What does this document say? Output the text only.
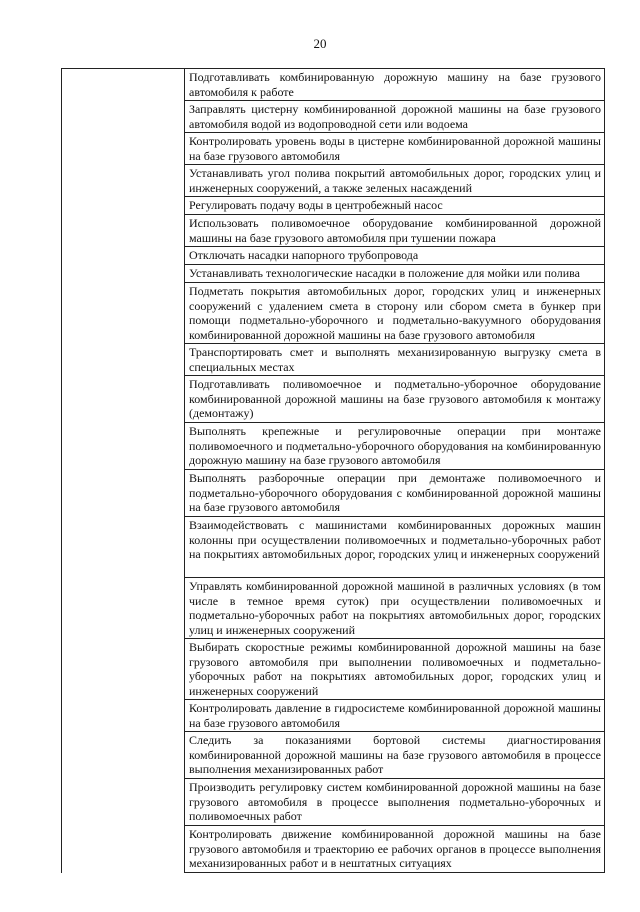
20
Подготавливать комбинированную дорожную машину на базе грузового автомобиля к работе
Заправлять цистерну комбинированной дорожной машины на базе грузового автомобиля водой из водопроводной сети или водоема
Контролировать уровень воды в цистерне комбинированной дорожной машины на базе грузового автомобиля
Устанавливать угол полива покрытий автомобильных дорог, городских улиц и инженерных сооружений, а также зеленых насаждений
Регулировать подачу воды в центробежный насос
Использовать поливомоечное оборудование комбинированной дорожной машины на базе грузового автомобиля при тушении пожара
Отключать насадки напорного трубопровода
Устанавливать технологические насадки в положение для мойки или полива
Подметать покрытия автомобильных дорог, городских улиц и инженерных сооружений с удалением смета в сторону или сбором смета в бункер при помощи подметально-уборочного и подметально-вакуумного оборудования комбинированной дорожной машины на базе грузового автомобиля
Транспортировать смет и выполнять механизированную выгрузку смета в специальных местах
Подготавливать поливомоечное и подметально-уборочное оборудование комбинированной дорожной машины на базе грузового автомобиля к монтажу (демонтажу)
Выполнять крепежные и регулировочные операции при монтаже поливомоечного и подметально-уборочного оборудования на комбинированную дорожную машину на базе грузового автомобиля
Выполнять разборочные операции при демонтаже поливомоечного и подметально-уборочного оборудования с комбинированной дорожной машины на базе грузового автомобиля
Взаимодействовать с машинистами комбинированных дорожных машин колонны при осуществлении поливомоечных и подметально-уборочных работ на покрытиях автомобильных дорог, городских улиц и инженерных сооружений
Управлять комбинированной дорожной машиной в различных условиях (в том числе в темное время суток) при осуществлении поливомоечных и подметально-уборочных работ на покрытиях автомобильных дорог, городских улиц и инженерных сооружений
Выбирать скоростные режимы комбинированной дорожной машины на базе грузового автомобиля при выполнении поливомоечных и подметально-уборочных работ на покрытиях автомобильных дорог, городских улиц и инженерных сооружений
Контролировать давление в гидросистеме комбинированной дорожной машины на базе грузового автомобиля
Следить за показаниями бортовой системы диагностирования комбинированной дорожной машины на базе грузового автомобиля в процессе выполнения механизированных работ
Производить регулировку систем комбинированной дорожной машины на базе грузового автомобиля в процессе выполнения подметально-уборочных и поливомоечных работ
Контролировать движение комбинированной дорожной машины на базе грузового автомобиля и траекторию ее рабочих органов в процессе выполнения механизированных работ и в нештатных ситуациях
